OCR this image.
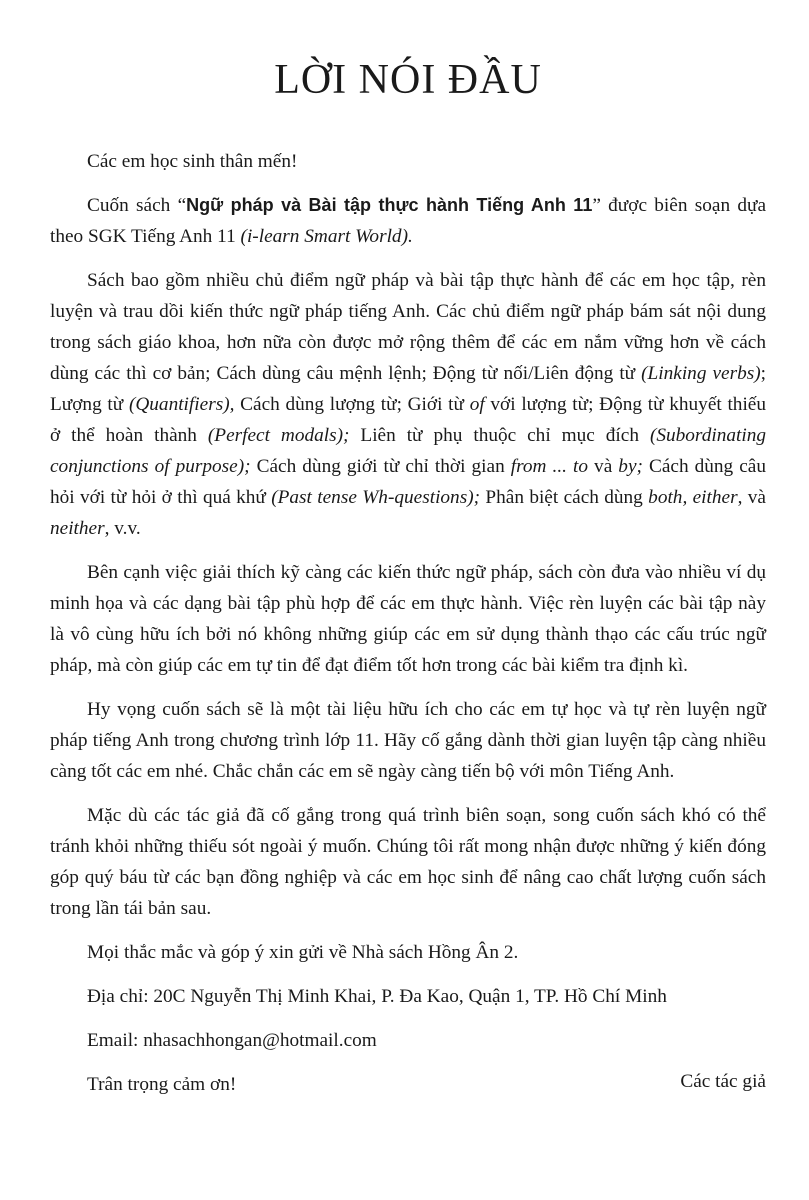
LỜI NÓI ĐẦU

Các em học sinh thân mến!

Cuốn sách “Ngữ pháp và Bài tập thực hành Tiếng Anh 11” được biên soạn dựa theo SGK Tiếng Anh 11 (i-learn Smart World).

Sách bao gồm nhiều chủ điểm ngữ pháp và bài tập thực hành để các em học tập, rèn luyện và trau dồi kiến thức ngữ pháp tiếng Anh. Các chủ điểm ngữ pháp bám sát nội dung trong sách giáo khoa, hơn nữa còn được mở rộng thêm để các em nắm vững hơn về cách dùng các thì cơ bản; Cách dùng câu mệnh lệnh; Động từ nối/Liên động từ (Linking verbs); Lượng từ (Quantifiers), Cách dùng lượng từ; Giới từ of với lượng từ; Động từ khuyết thiếu ở thể hoàn thành (Perfect modals); Liên từ phụ thuộc chỉ mục đích (Subordinating conjunctions of purpose); Cách dùng giới từ chỉ thời gian from ... to và by; Cách dùng câu hỏi với từ hỏi ở thì quá khứ (Past tense Wh-questions); Phân biệt cách dùng both, either, và neither, v.v.

Bên cạnh việc giải thích kỹ càng các kiến thức ngữ pháp, sách còn đưa vào nhiều ví dụ minh họa và các dạng bài tập phù hợp để các em thực hành. Việc rèn luyện các bài tập này là vô cùng hữu ích bởi nó không những giúp các em sử dụng thành thạo các cấu trúc ngữ pháp, mà còn giúp các em tự tin để đạt điểm tốt hơn trong các bài kiểm tra định kì.

Hy vọng cuốn sách sẽ là một tài liệu hữu ích cho các em tự học và tự rèn luyện ngữ pháp tiếng Anh trong chương trình lớp 11. Hãy cố gắng dành thời gian luyện tập càng nhiều càng tốt các em nhé. Chắc chắn các em sẽ ngày càng tiến bộ với môn Tiếng Anh.

Mặc dù các tác giả đã cố gắng trong quá trình biên soạn, song cuốn sách khó có thể tránh khỏi những thiếu sót ngoài ý muốn. Chúng tôi rất mong nhận được những ý kiến đóng góp quý báu từ các bạn đồng nghiệp và các em học sinh để nâng cao chất lượng cuốn sách trong lần tái bản sau.

Mọi thắc mắc và góp ý xin gửi về Nhà sách Hồng Ân 2.

Địa chỉ: 20C Nguyễn Thị Minh Khai, P. Đa Kao, Quận 1, TP. Hồ Chí Minh

Email: nhasachhongan@hotmail.com

Trân trọng cảm ơn!	Các tác giả
